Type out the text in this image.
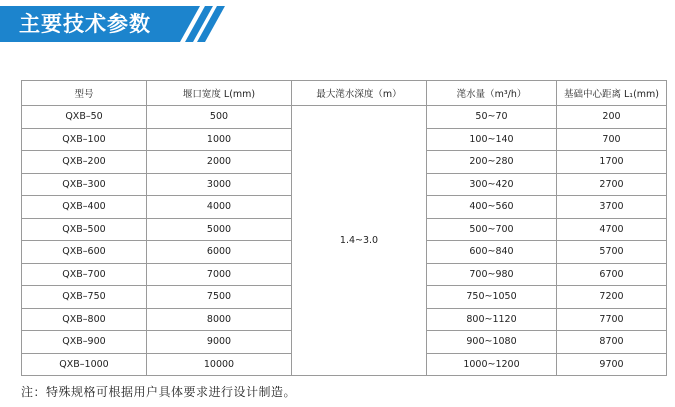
主要技术参数
型号	堰口宽度 L(mm)	最大滗水深度（m）	滗水量（m³/h）	基础中心距离 L₁(mm)
QXB–50	500	1.4~3.0	50~70	200
QXB–100	1000		100~140	700
QXB–200	2000		200~280	1700
QXB–300	3000		300~420	2700
QXB–400	4000		400~560	3700
QXB–500	5000		500~700	4700
QXB–600	6000		600~840	5700
QXB–700	7000		700~980	6700
QXB–750	7500		750~1050	7200
QXB–800	8000		800~1120	7700
QXB–900	9000		900~1080	8700
QXB–1000	10000		1000~1200	9700
注：特殊规格可根据用户具体要求进行设计制造。
